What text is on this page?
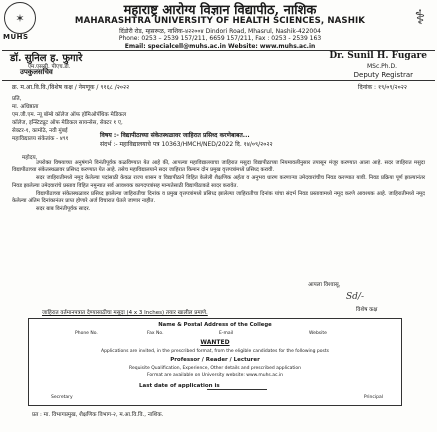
✶
MUHS
⚕
महाराष्ट्र आरोग्य विज्ञान विद्यापीठ, नाशिक
MAHARASHTRA UNIVERSITY OF HEALTH SCIENCES, NASHIK
दिंडोरी रोड, म्हसरूळ, नाशिक-४२२००४ Dindori Road, Mhasrul, Nashik-422004
Phone: 0253 – 2539 157/211, 6659 157/211, Fax : 0253 - 2539 163
Email: specialcell@muhs.ac.in Website: www.muhs.ac.in
डॉ. सुनिल ह. फुगारे
एम.एससी. पीएच.डी.
उपकुलसचिव
Dr. Sunil H. Fugare
MSc.Ph.D.
Deputy Registrar
क्र. म.आ.वि.वि./विशेष कक्ष / नेमणूक / ९१६८ /२०२२	दिनांक : १९/०९/२०२२
प्रति,
मा. अधिष्ठाता
एम.जी.एम. न्यू बॉम्बे कॉलेज ऑफ होमिओपॅथिक मेडिकल
कॉलेज, इन्स्टिट्यूट ऑफ मेडिकल सायन्सेस, सेक्टर १ ए,
सेक्टर-१, कामोठे, नवी मुंबई
महाविद्यालय संकेतांक - ४९१	विषय :- विद्यापीठाच्या संकेतस्थळावर जाहिरात प्रसिध्द करणेबाबत...
संदर्भ :- महाविद्यालयाचे पत्र 10363/HMCH/NED/2022 दि. १४/०९/२०२२
महोदय,

उपरोक्त विषयाच्या अनुषंगाने विनंतीपूर्वक कळविण्यात येत आहे की, आपल्या महाविद्यालयाचा जाहिरात मसुदा विद्यापीठाच्या नियमावलीनुसार तपासून मंजूर करण्यात आला आहे. सदर जाहिरात मसुदा विद्यापीठाच्या संकेतस्थळावर प्रसिध्द करण्यात येत आहे. तसेच महाविद्यालयाने सदर जाहिरात किमान दोन प्रमुख वृत्तपत्रांमध्ये प्रसिध्द करावी.

सदर जाहिरातीमध्ये नमूद केलेल्या पदांसाठी केवळ राज्य शासन व विद्यापीठाने विहित केलेली शैक्षणिक अर्हता व अनुभव धारण करणाऱ्या उमेदवारांचीच निवड करण्यात यावी. निवड प्रक्रिया पूर्ण झाल्यानंतर निवड झालेल्या उमेदवारांचे प्रस्ताव विहित नमुन्यात सर्व आवश्यक कागदपत्रांसह मान्यतेसाठी विद्यापीठाकडे सादर करावेत.

विद्यापीठाच्या संकेतस्थळावर प्रसिध्द झालेल्या जाहिरातीचा दिनांक व प्रमुख वृत्तपत्रांमध्ये प्रसिध्द झालेल्या जाहिरातीचा दिनांक यांचा संदर्भ निवड प्रस्तावामध्ये नमूद करणे आवश्यक आहे. जाहिरातीमध्ये नमूद केलेल्या अंतिम दिनांकानंतर प्राप्त होणारे अर्ज विचारात घेतले जाणार नाहीत.

सदर बाब विनंतीपूर्वक सादर.

आपला विश्वासू,
Sd/-
विशेष कक्ष
जाहिरात वर्तमानपत्रात देण्यासाठीचा मसुदा (4 x 3 Inches) तयार खालील प्रमाणे.
Name & Postal Address of the College
Phone No.	Fax No.	E-mail	Website
WANTED
Applications are invited, in the prescribed format, from the eligible candidates for the following posts
Professor / Reader / Lecturer
Requisite Qualification, Experience, Other details and prescribed application
Format are available on University website: www.muhs.ac.in
Last date of application is
Secretary	Principal
प्रत : मा. विभागप्रमुख, शैक्षणिक विभाग-२, म.आ.वि.वि., नाशिक.
